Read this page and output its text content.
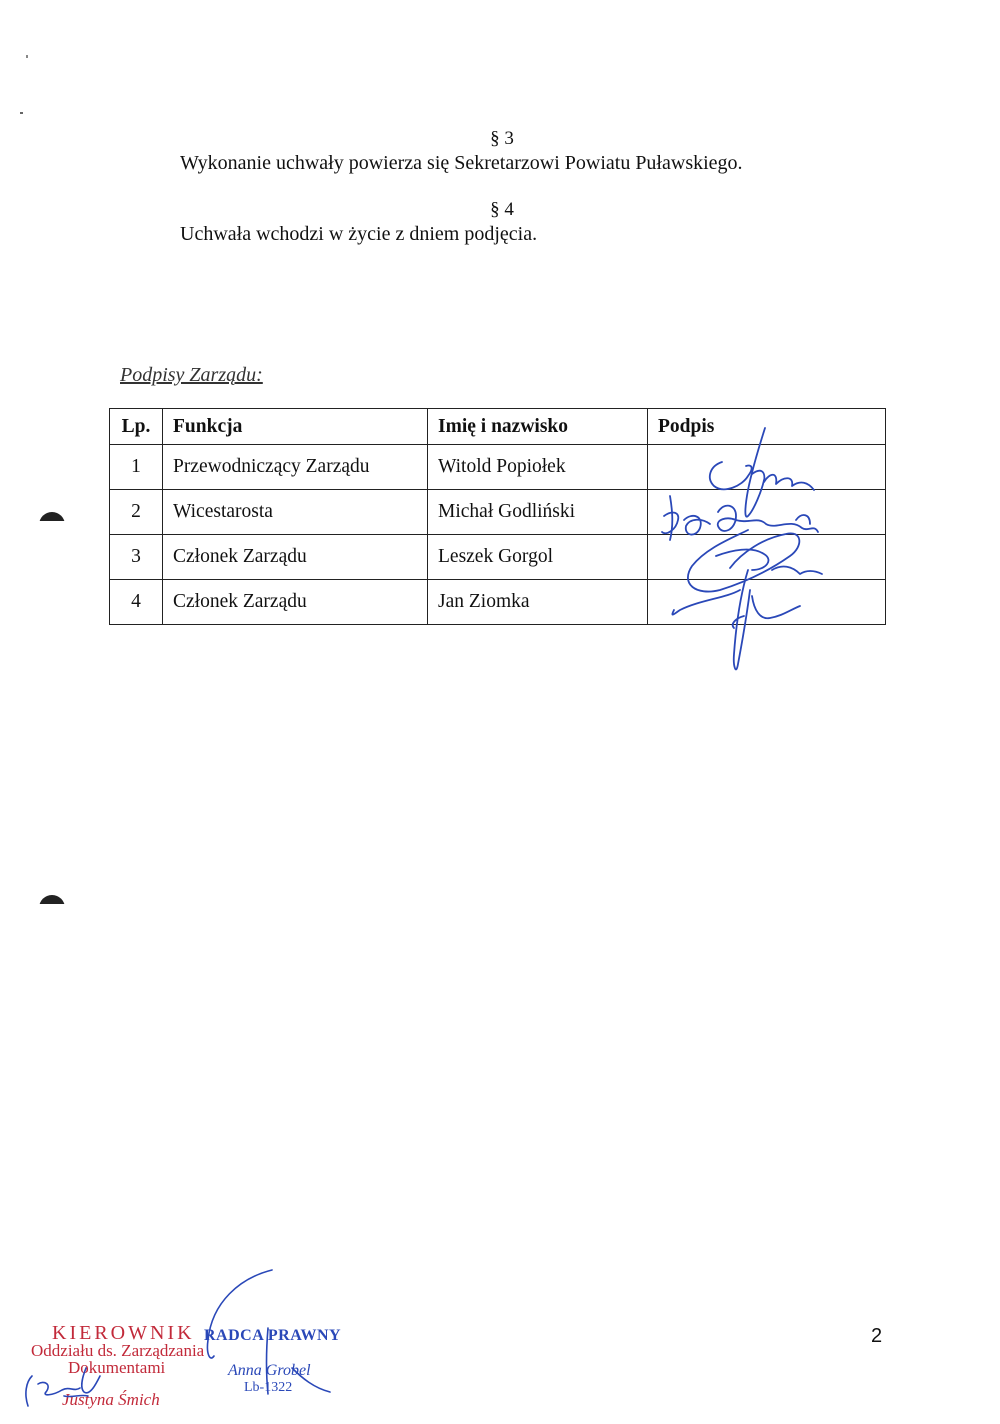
§ 3
Wykonanie uchwały powierza się Sekretarzowi Powiatu Puławskiego.
§ 4
Uchwała wchodzi w życie z dniem podjęcia.
Podpisy Zarządu:
Lp.	Funkcja	Imię i nazwisko	Podpis
1	Przewodniczący Zarządu	Witold Popiołek	
2	Wicestarosta	Michał Godliński	
3	Członek Zarządu	Leszek Gorgol	
4	Członek Zarządu	Jan Ziomka	
KIEROWNIK
Oddziału ds. Zarządzania
Dokumentami
Justyna Śmich
RADCA PRAWNY
Anna Grobel
Lb-1322
2
